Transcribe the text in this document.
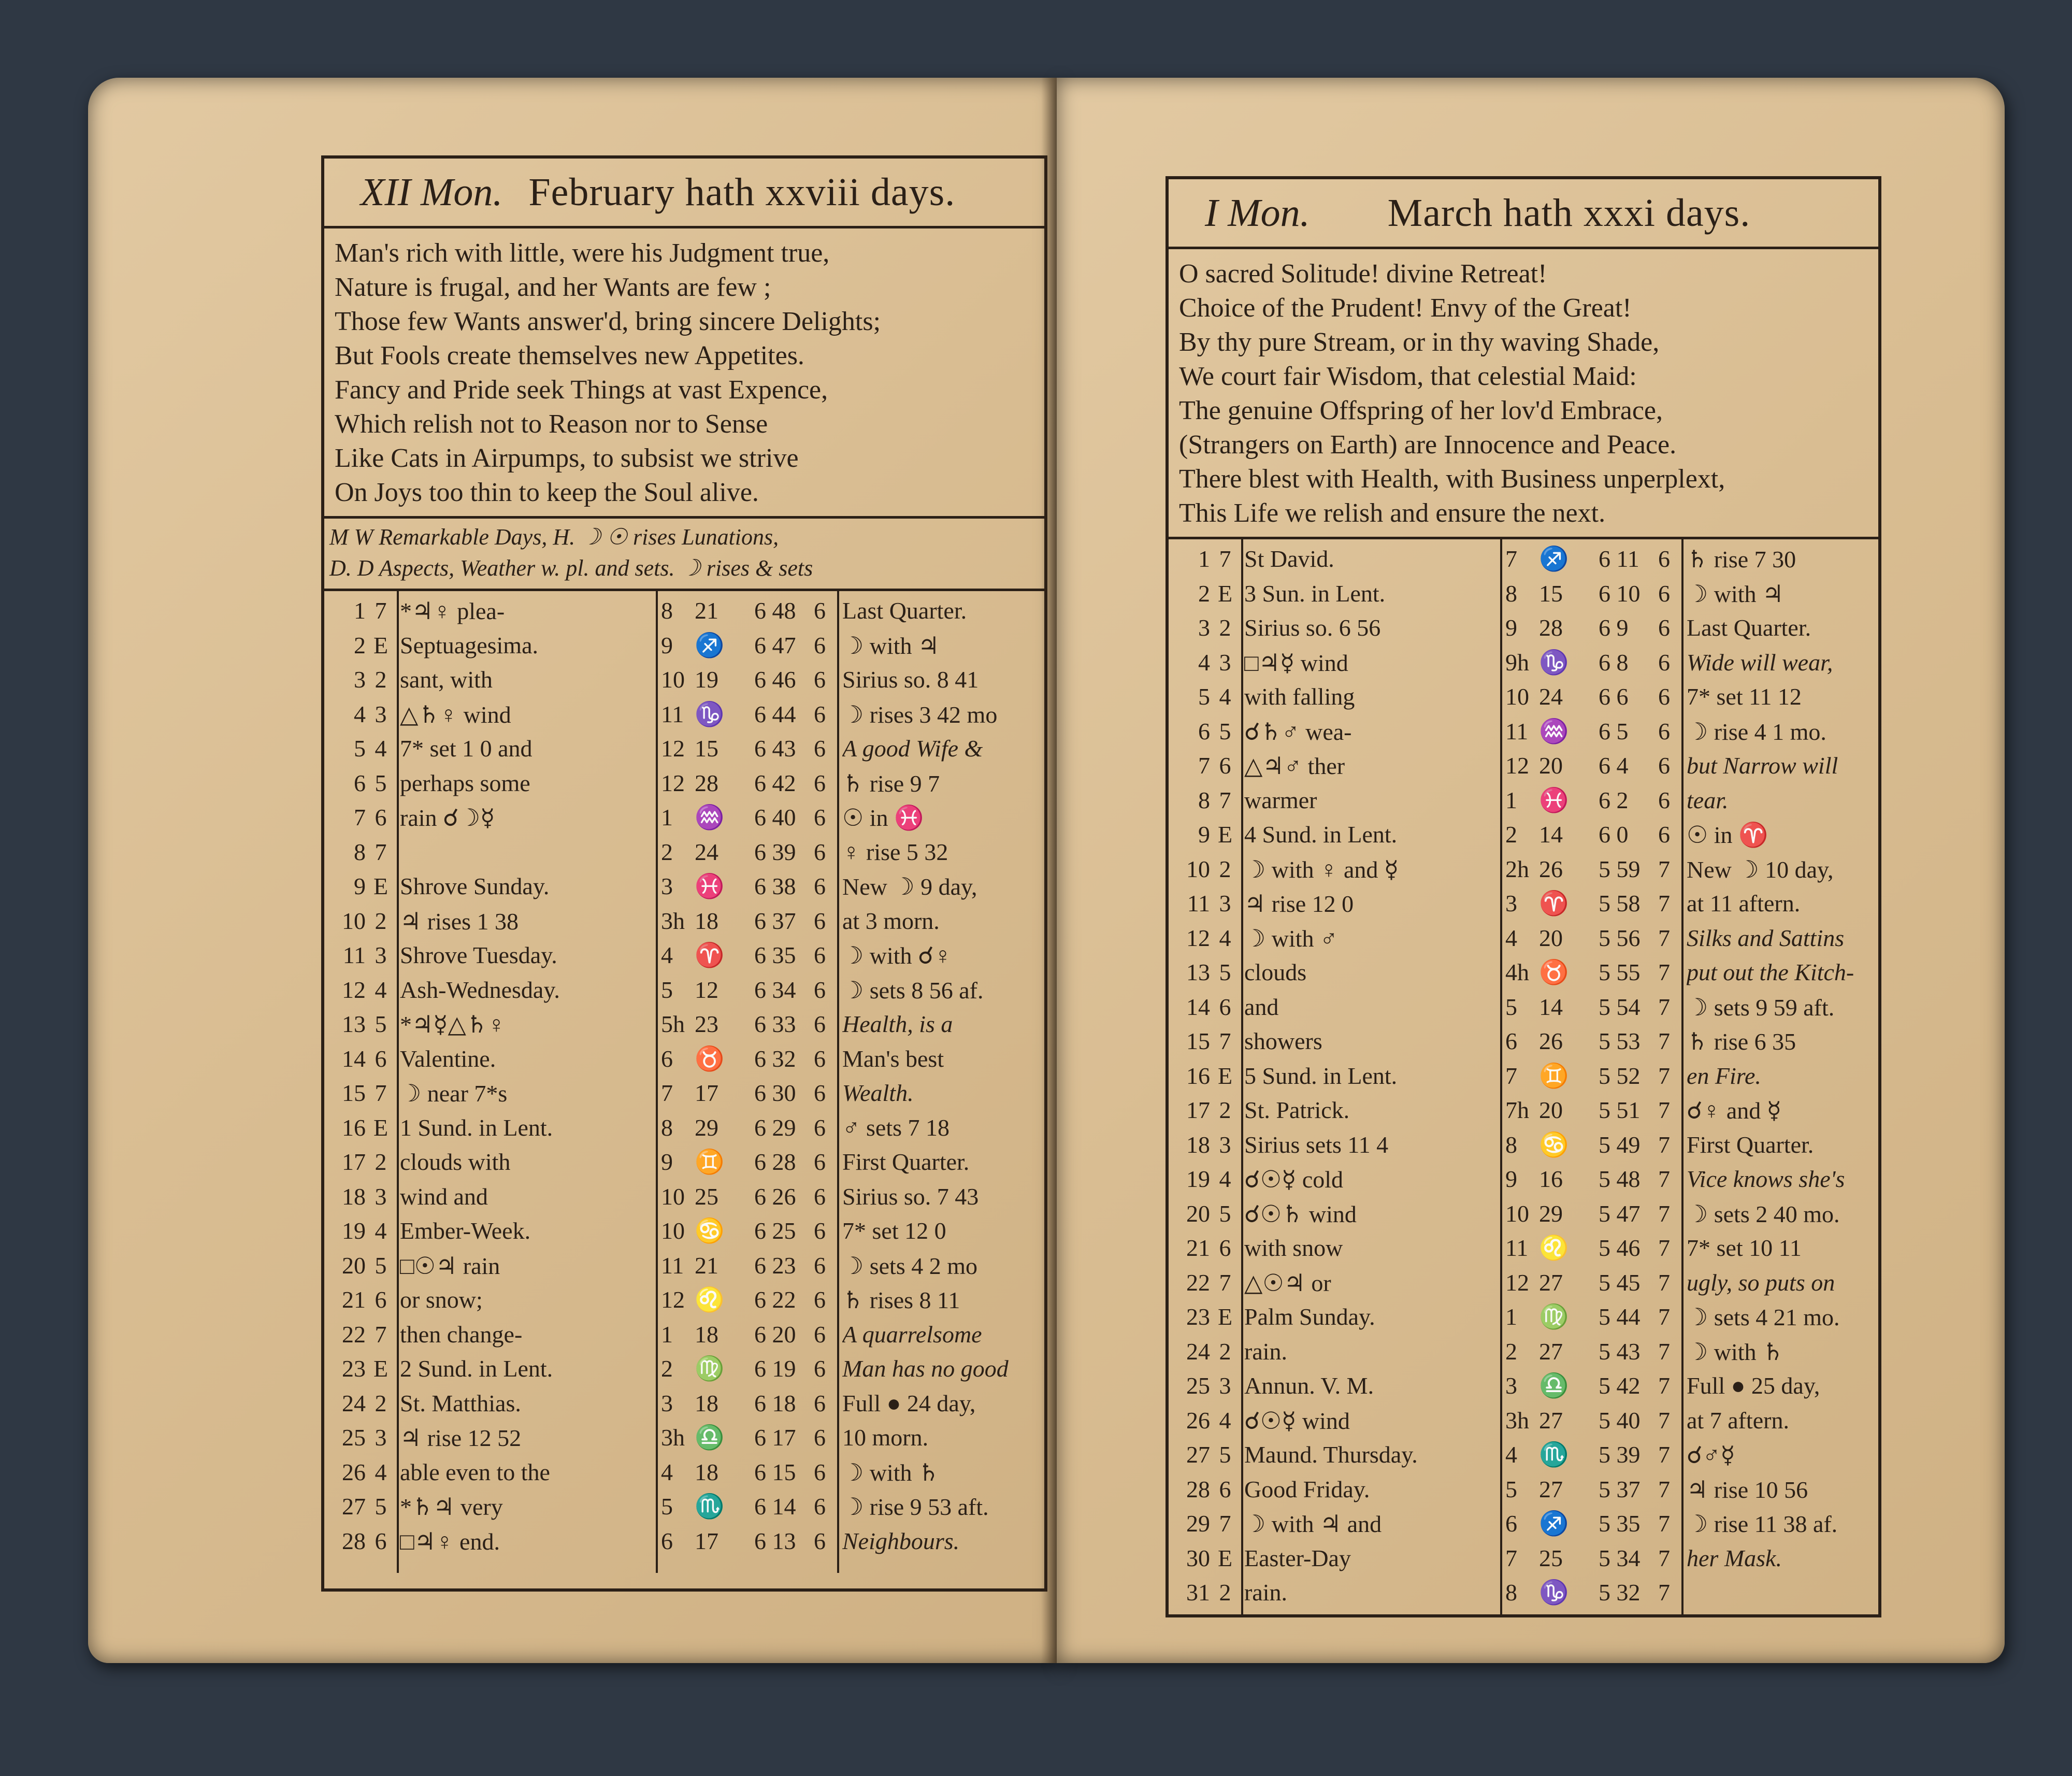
XII Mon. February hath xxviii days.
Man's rich with little, were his Judgment true,
Nature is frugal, and her Wants are few ;
Those few Wants answer'd, bring sincere Delights;
But Fools create themselves new Appetites.
Fancy and Pride seek Things at vast Expence,
Which relish not to Reason nor to Sense
Like Cats in Airpumps, to subsist we strive
On Joys too thin to keep the Soul alive.
M W Remarkable Days, H. ☽ ☉ rises Lunations,
D. D Aspects, Weather w. pl. and sets. ☽ rises & sets
1 7 *♃♀ plea-	8 21	6 48 6 Last Quarter.
2 E Septuagesima.	9 ♐	6 47 6 ☽ with ♃
3 2 sant, with	10 19	6 46 6 Sirius so. 8 41
4 3 △♄♀ wind	11 ♑	6 44 6 ☽ rises 3 42 mo
5 4 7* set 1 0 and	12 15	6 43 6 A good Wife &
6 5 perhaps some	12 28	6 42 6 ♄ rise 9 7
7 6 rain ☌☽☿	1 ♒	6 40 6 ☉ in ♓
8 7	2 24	6 39 6 ♀ rise 5 32
9 E Shrove Sunday.	3 ♓	6 38 6 New ☽ 9 day,
10 2 ♃ rises 1 38	3h 18	6 37 6 at 3 morn.
11 3 Shrove Tuesday.	4 ♈	6 35 6 ☽ with ☌♀
12 4 Ash-Wednesday.	5 12	6 34 6 ☽ sets 8 56 af.
13 5 *♃☿△♄♀	5h 23	6 33 6 Health, is a
14 6 Valentine.	6 ♉	6 32 6 Man's best
15 7 ☽ near 7*s	7 17	6 30 6 Wealth.
16 E 1 Sund. in Lent.	8 29	6 29 6 ♂ sets 7 18
17 2 clouds with	9 ♊	6 28 6 First Quarter.
18 3 wind and	10 25	6 26 6 Sirius so. 7 43
19 4 Ember-Week.	10 ♋	6 25 6 7* set 12 0
20 5 □☉♃ rain	11 21	6 23 6 ☽ sets 4 2 mo
21 6 or snow;	12 ♌	6 22 6 ♄ rises 8 11
22 7 then change-	1 18	6 20 6 A quarrelsome
23 E 2 Sund. in Lent.	2 ♍	6 19 6 Man has no good
24 2 St. Matthias.	3 18	6 18 6 Full ● 24 day,
25 3 ♃ rise 12 52	3h ♎	6 17 6 10 morn.
26 4 able even to the	4 18	6 15 6 ☽ with ♄
27 5 *♄♃ very	5 ♏	6 14 6 ☽ rise 9 53 aft.
28 6 □♃♀ end.	6 17	6 13 6 Neighbours.
I Mon. March hath xxxi days.
O sacred Solitude! divine Retreat!
Choice of the Prudent! Envy of the Great!
By thy pure Stream, or in thy waving Shade,
We court fair Wisdom, that celestial Maid:
The genuine Offspring of her lov'd Embrace,
(Strangers on Earth) are Innocence and Peace.
There blest with Health, with Business unperplext,
This Life we relish and ensure the next.
1 7 St David.	7 ♐	6 11 6 ♄ rise 7 30
2 E 3 Sun. in Lent.	8 15	6 10 6 ☽ with ♃
3 2 Sirius so. 6 56	9 28	6 9	6 Last Quarter.
4 3 □♃☿ wind	9h ♑	6 8	6 Wide will wear,
5 4 with falling	10 24	6 6	6 7* set 11 12
6 5 ☌♄♂ wea-	11 ♒	6 5	6 ☽ rise 4 1 mo.
7 6 △♃♂ ther	12 20	6 4	6 but Narrow will
8 7 warmer	1 ♓	6 2	6 tear.
9 E 4 Sund. in Lent.	2 14	6 0	6 ☉ in ♈
10 2 ☽ with ♀ and ☿	2h 26	5 59 7 New ☽ 10 day,
11 3 ♃ rise 12 0	3 ♈	5 58 7 at 11 aftern.
12 4 ☽ with ♂	4 20	5 56 7 Silks and Sattins
13 5 clouds	4h ♉	5 55 7 put out the Kitch-
14 6 and	5 14	5 54 7 ☽ sets 9 59 aft.
15 7 showers	6 26	5 53 7 ♄ rise 6 35
16 E 5 Sund. in Lent.	7 ♊	5 52 7 en Fire.
17 2 St. Patrick.	7h 20	5 51 7 ☌♀ and ☿
18 3 Sirius sets 11 4	8 ♋	5 49 7 First Quarter.
19 4 ☌☉☿ cold	9 16	5 48 7 Vice knows she's
20 5 ☌☉♄ wind	10 29	5 47 7 ☽ sets 2 40 mo.
21 6 with snow	11 ♌	5 46 7 7* set 10 11
22 7 △☉♃ or	12 27	5 45 7 ugly, so puts on
23 E Palm Sunday.	1 ♍	5 44 7 ☽ sets 4 21 mo.
24 2 rain.	2 27	5 43 7 ☽ with ♄
25 3 Annun. V. M.	3 ♎	5 42 7 Full ● 25 day,
26 4 ☌☉☿ wind	3h 27	5 40 7 at 7 aftern.
27 5 Maund. Thursday.	4 ♏	5 39 7 ☌♂☿
28 6 Good Friday.	5 27	5 37 7 ♃ rise 10 56
29 7 ☽ with ♃ and	6 ♐	5 35 7 ☽ rise 11 38 af.
30 E Easter-Day	7 25	5 34 7 her Mask.
31 2 rain.	8 ♑	5 32 7
